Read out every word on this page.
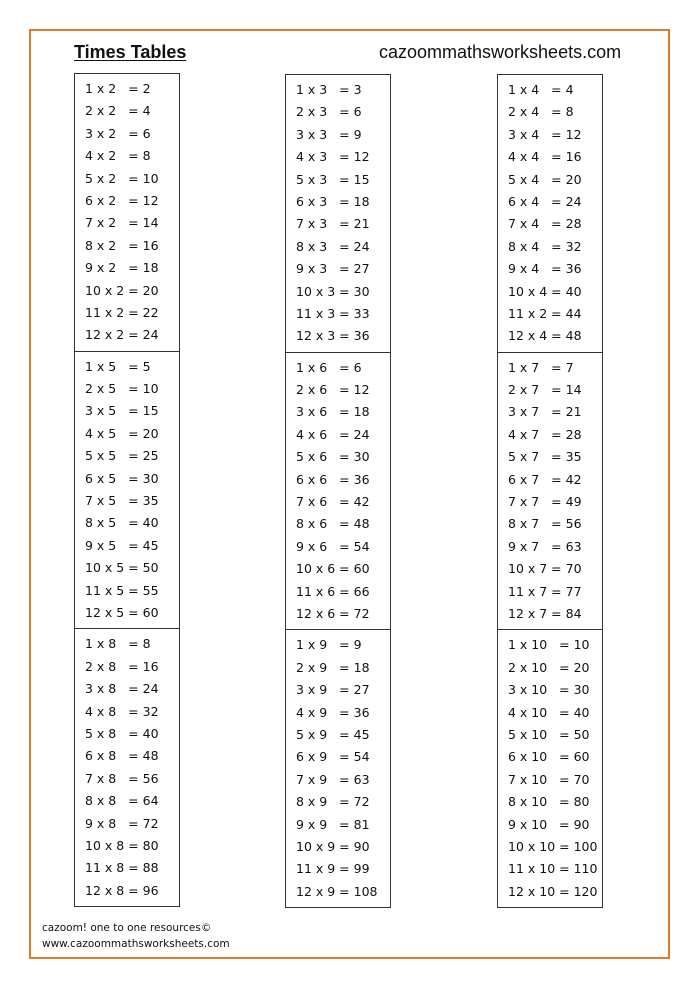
Times Tables	cazoommathsworksheets.com
1 x 2   = 2
2 x 2   = 4
3 x 2   = 6
4 x 2   = 8
5 x 2   = 10
6 x 2   = 12
7 x 2   = 14
8 x 2   = 16
9 x 2   = 18
10 x 2 = 20
11 x 2 = 22
12 x 2 = 24
1 x 5   = 5
2 x 5   = 10
3 x 5   = 15
4 x 5   = 20
5 x 5   = 25
6 x 5   = 30
7 x 5   = 35
8 x 5   = 40
9 x 5   = 45
10 x 5 = 50
11 x 5 = 55
12 x 5 = 60
1 x 8   = 8
2 x 8   = 16
3 x 8   = 24
4 x 8   = 32
5 x 8   = 40
6 x 8   = 48
7 x 8   = 56
8 x 8   = 64
9 x 8   = 72
10 x 8 = 80
11 x 8 = 88
12 x 8 = 96
1 x 3   = 3
2 x 3   = 6
3 x 3   = 9
4 x 3   = 12
5 x 3   = 15
6 x 3   = 18
7 x 3   = 21
8 x 3   = 24
9 x 3   = 27
10 x 3 = 30
11 x 3 = 33
12 x 3 = 36
1 x 6   = 6
2 x 6   = 12
3 x 6   = 18
4 x 6   = 24
5 x 6   = 30
6 x 6   = 36
7 x 6   = 42
8 x 6   = 48
9 x 6   = 54
10 x 6 = 60
11 x 6 = 66
12 x 6 = 72
1 x 9   = 9
2 x 9   = 18
3 x 9   = 27
4 x 9   = 36
5 x 9   = 45
6 x 9   = 54
7 x 9   = 63
8 x 9   = 72
9 x 9   = 81
10 x 9 = 90
11 x 9 = 99
12 x 9 = 108
1 x 4   = 4
2 x 4   = 8
3 x 4   = 12
4 x 4   = 16
5 x 4   = 20
6 x 4   = 24
7 x 4   = 28
8 x 4   = 32
9 x 4   = 36
10 x 4 = 40
11 x 2 = 44
12 x 4 = 48
1 x 7   = 7
2 x 7   = 14
3 x 7   = 21
4 x 7   = 28
5 x 7   = 35
6 x 7   = 42
7 x 7   = 49
8 x 7   = 56
9 x 7   = 63
10 x 7 = 70
11 x 7 = 77
12 x 7 = 84
1 x 10   = 10
2 x 10   = 20
3 x 10   = 30
4 x 10   = 40
5 x 10   = 50
6 x 10   = 60
7 x 10   = 70
8 x 10   = 80
9 x 10   = 90
10 x 10 = 100
11 x 10 = 110
12 x 10 = 120
cazoom! one to one resources©
www.cazoommathsworksheets.com
